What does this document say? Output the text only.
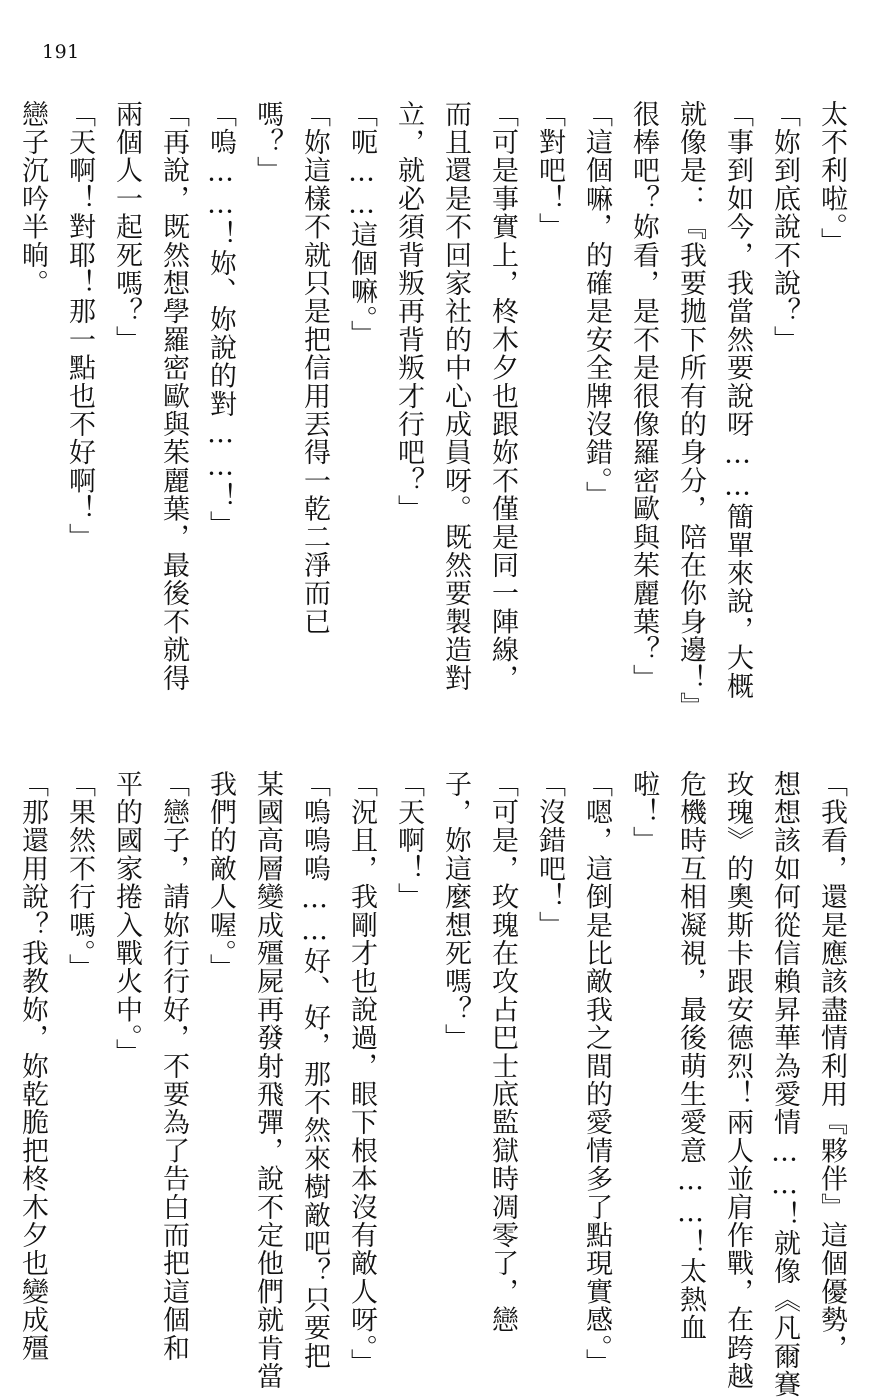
191
太不利啦。」
「妳到底說不說？」
「事到如今，我當然要說呀……簡單來說，大概
就像是：『我要拋下所有的身分，陪在你身邊！』
很棒吧？妳看，是不是很像羅密歐與茱麗葉？」
「這個嘛，的確是安全牌沒錯。」
「對吧！」
「可是事實上，柊木夕也跟妳不僅是同一陣線，
而且還是不回家社的中心成員呀。既然要製造對
立，就必須背叛再背叛才行吧？」
「呃……這個嘛。」
「妳這樣不就只是把信用丟得一乾二淨而已
嗎？」
「嗚……！妳、妳說的對……！」
「再說，既然想學羅密歐與茱麗葉，最後不就得
兩個人一起死嗎？」
「天啊！對耶！那一點也不好啊！」
戀子沉吟半晌。
「我看，還是應該盡情利用『夥伴』這個優勢，
想想該如何從信賴昇華為愛情……！就像《凡爾賽
玫瑰》的奧斯卡跟安德烈！兩人並肩作戰，在跨越
危機時互相凝視，最後萌生愛意……！太熱血
啦！」
「嗯，這倒是比敵我之間的愛情多了點現實感。」
「沒錯吧！」
「可是，玫瑰在攻占巴士底監獄時凋零了，戀
子，妳這麼想死嗎？」
「天啊！」
「況且，我剛才也說過，眼下根本沒有敵人呀。」
「嗚嗚嗚……好、好，那不然來樹敵吧？只要把
某國高層變成殭屍再發射飛彈，說不定他們就肯當
我們的敵人喔。」
「戀子，請妳行行好，不要為了告白而把這個和
平的國家捲入戰火中。」
「果然不行嗎。」
「那還用說？我教妳，妳乾脆把柊木夕也變成殭
